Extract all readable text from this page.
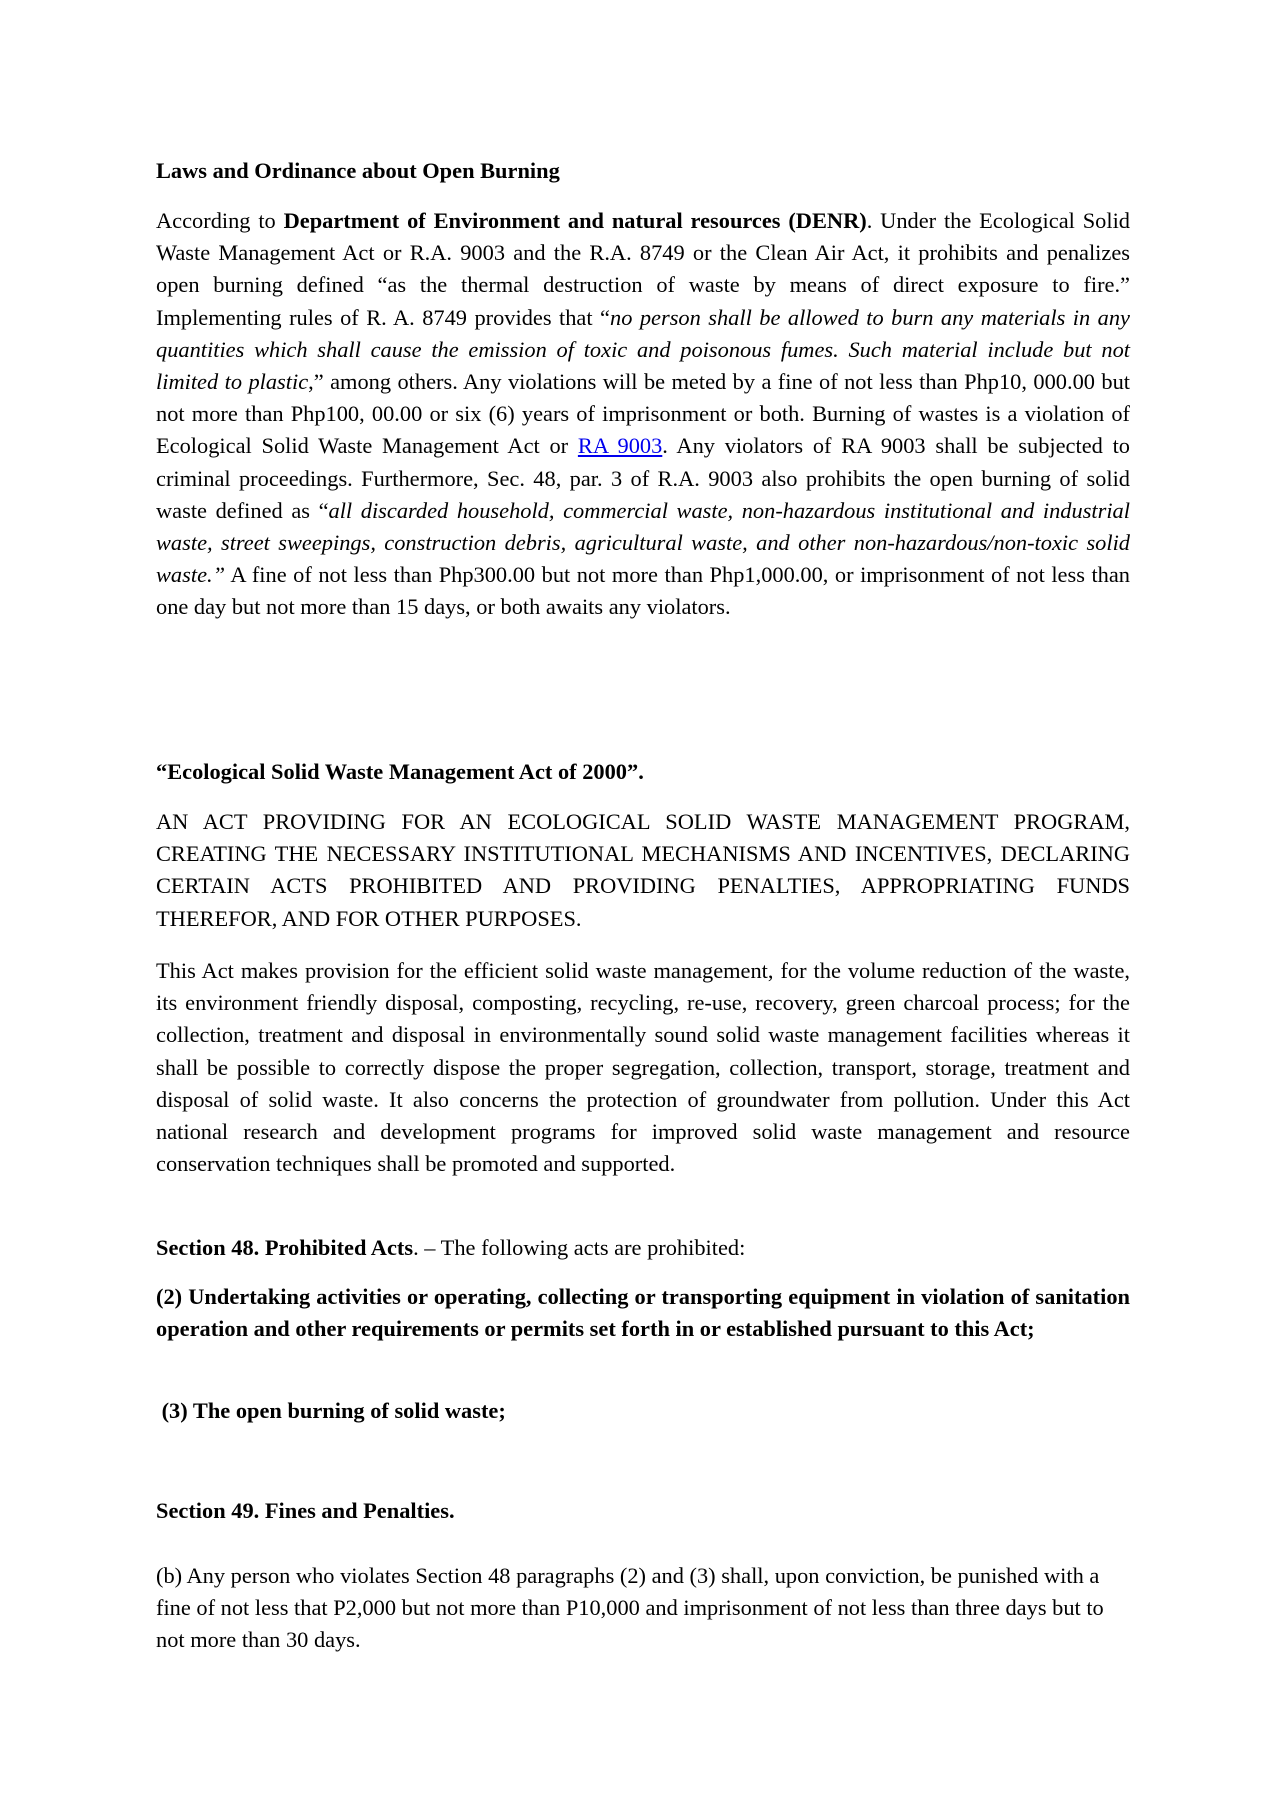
Laws and Ordinance about Open Burning

According to Department of Environment and natural resources (DENR). Under the Ecological Solid Waste Management Act or R.A. 9003 and the R.A. 8749 or the Clean Air Act, it prohibits and penalizes open burning defined “as the thermal destruction of waste by means of direct exposure to fire.” Implementing rules of R. A. 8749 provides that “no person shall be allowed to burn any materials in any quantities which shall cause the emission of toxic and poisonous fumes. Such material include but not limited to plastic,” among others. Any violations will be meted by a fine of not less than Php10, 000.00 but not more than Php100, 00.00 or six (6) years of imprisonment or both. Burning of wastes is a violation of Ecological Solid Waste Management Act or RA 9003. Any violators of RA 9003 shall be subjected to criminal proceedings. Furthermore, Sec. 48, par. 3 of R.A. 9003 also prohibits the open burning of solid waste defined as “all discarded household, commercial waste, non-hazardous institutional and industrial waste, street sweepings, construction debris, agricultural waste, and other non-hazardous/non-toxic solid waste.” A fine of not less than Php300.00 but not more than Php1,000.00, or imprisonment of not less than one day but not more than 15 days, or both awaits any violators.

“Ecological Solid Waste Management Act of 2000”.

AN ACT PROVIDING FOR AN ECOLOGICAL SOLID WASTE MANAGEMENT PROGRAM, CREATING THE NECESSARY INSTITUTIONAL MECHANISMS AND INCENTIVES, DECLARING CERTAIN ACTS PROHIBITED AND PROVIDING PENALTIES, APPROPRIATING FUNDS THEREFOR, AND FOR OTHER PURPOSES.

This Act makes provision for the efficient solid waste management, for the volume reduction of the waste, its environment friendly disposal, composting, recycling, re-use, recovery, green charcoal process; for the collection, treatment and disposal in environmentally sound solid waste management facilities whereas it shall be possible to correctly dispose the proper segregation, collection, transport, storage, treatment and disposal of solid waste. It also concerns the protection of groundwater from pollution. Under this Act national research and development programs for improved solid waste management and resource conservation techniques shall be promoted and supported.

Section 48. Prohibited Acts. – The following acts are prohibited:

(2) Undertaking activities or operating, collecting or transporting equipment in violation of sanitation operation and other requirements or permits set forth in or established pursuant to this Act;

(3) The open burning of solid waste;

Section 49. Fines and Penalties.

(b) Any person who violates Section 48 paragraphs (2) and (3) shall, upon conviction, be punished with a fine of not less that P2,000 but not more than P10,000 and imprisonment of not less than three days but to not more than 30 days.
